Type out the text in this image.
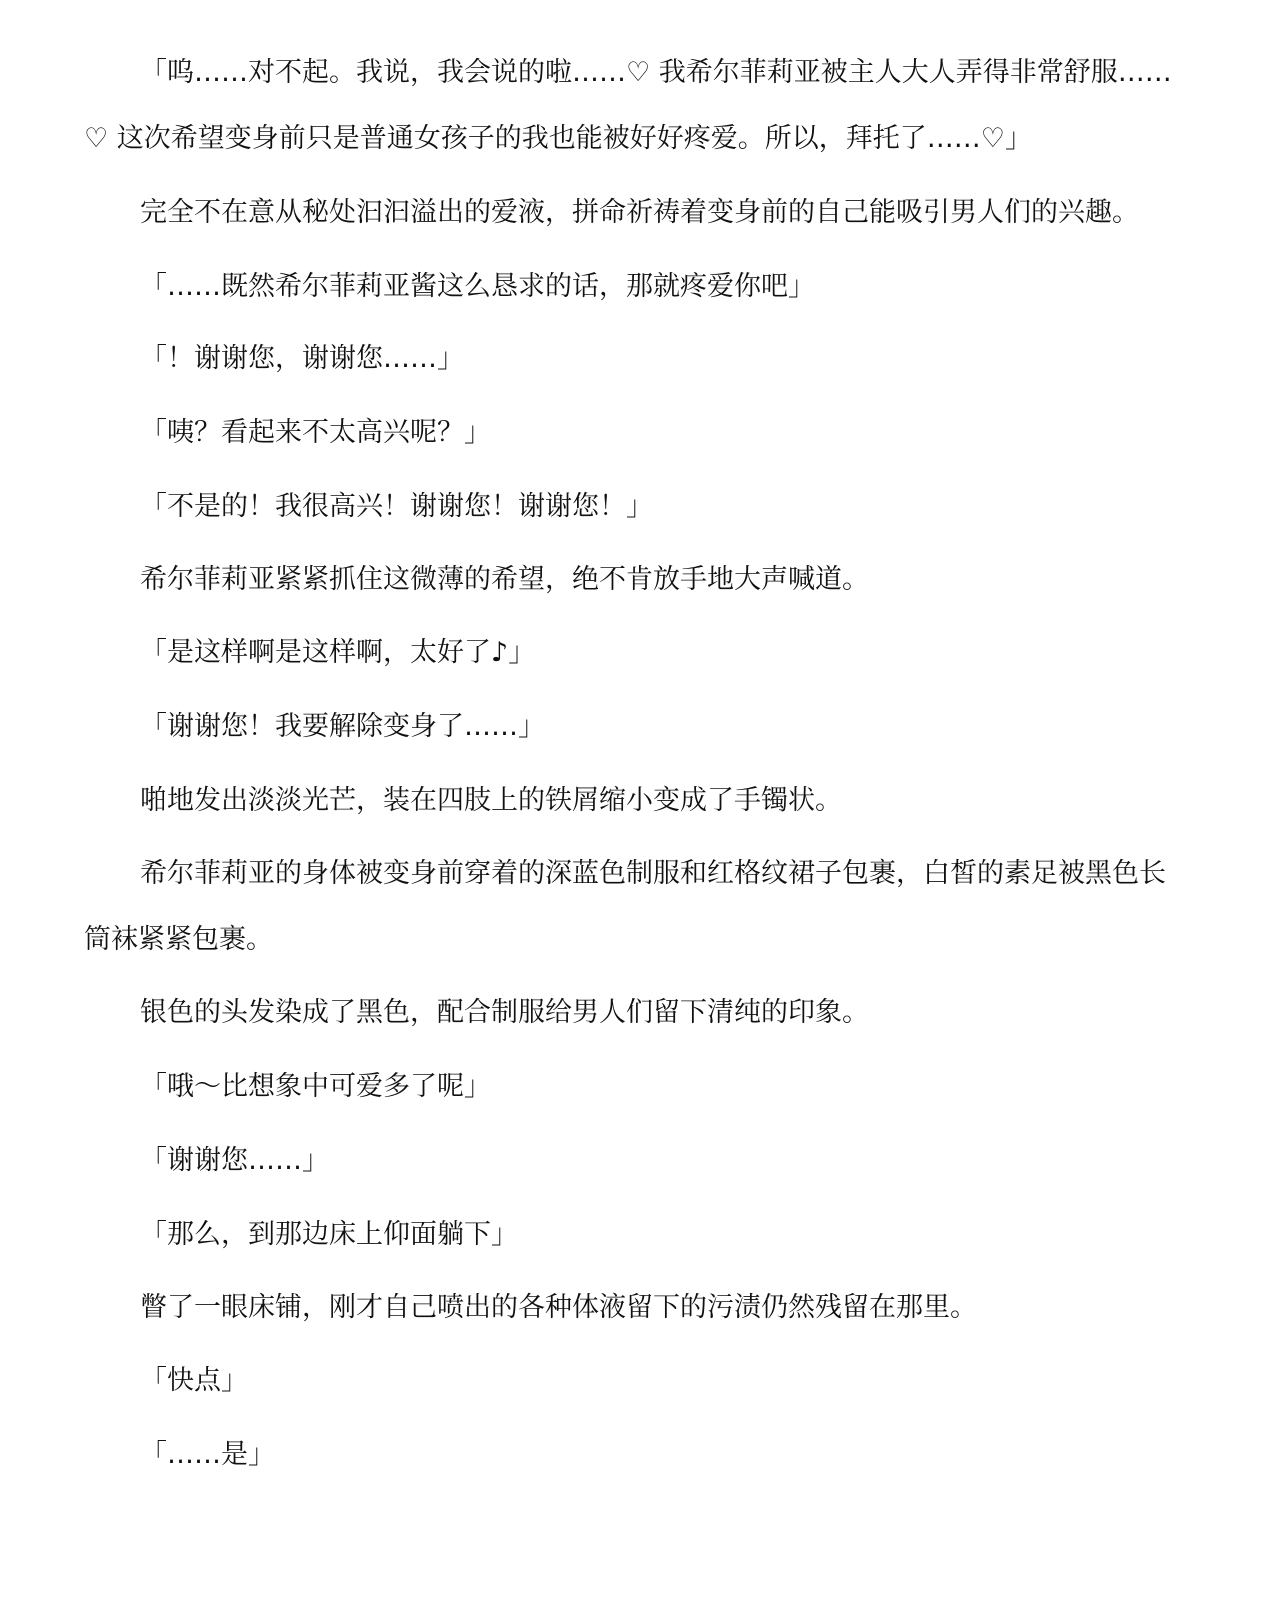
「呜……对不起。我说，我会说的啦……♡ 我希尔菲莉亚被主人大人弄得非常舒服……♡ 这次希望变身前只是普通女孩子的我也能被好好疼爱。所以，拜托了……♡」

完全不在意从秘处汩汩溢出的爱液，拼命祈祷着变身前的自己能吸引男人们的兴趣。

「……既然希尔菲莉亚酱这么恳求的话，那就疼爱你吧」

「！谢谢您，谢谢您……」

「咦？看起来不太高兴呢？」

「不是的！我很高兴！谢谢您！谢谢您！」

希尔菲莉亚紧紧抓住这微薄的希望，绝不肯放手地大声喊道。

「是这样啊是这样啊，太好了♪」

「谢谢您！我要解除变身了……」

啪地发出淡淡光芒，装在四肢上的铁屑缩小变成了手镯状。

希尔菲莉亚的身体被变身前穿着的深蓝色制服和红格纹裙子包裹，白皙的素足被黑色长筒袜紧紧包裹。

银色的头发染成了黑色，配合制服给男人们留下清纯的印象。

「哦～比想象中可爱多了呢」

「谢谢您……」

「那么，到那边床上仰面躺下」

瞥了一眼床铺，刚才自己喷出的各种体液留下的污渍仍然残留在那里。

「快点」

「……是」
